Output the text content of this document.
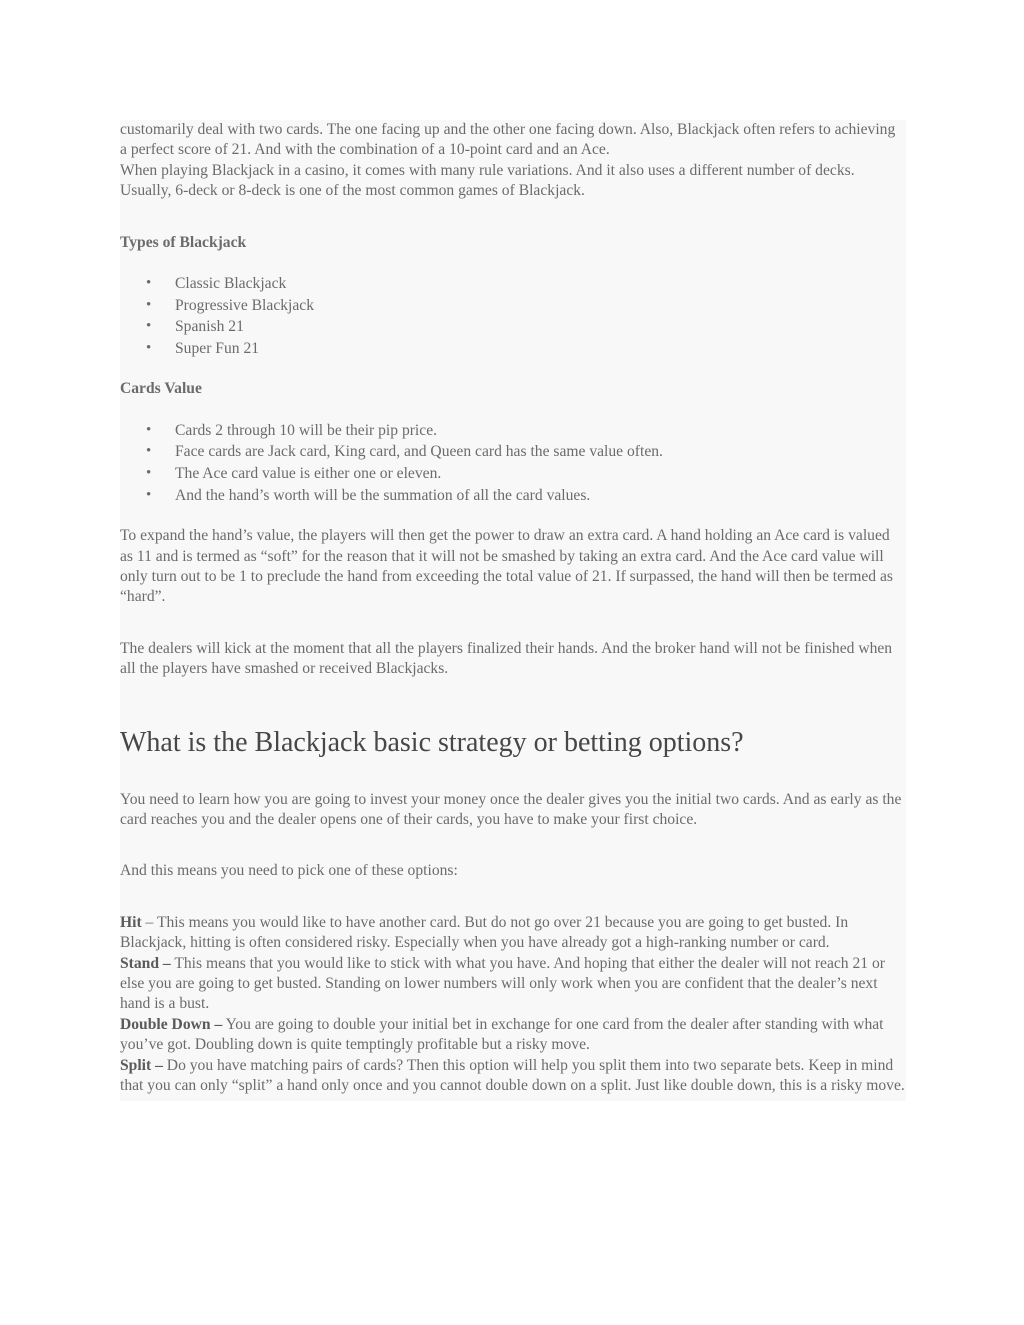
customarily deal with two cards. The one facing up and the other one facing down. Also, Blackjack often refers to achieving a perfect score of 21. And with the combination of a 10-point card and an Ace.

When playing Blackjack in a casino, it comes with many rule variations. And it also uses a different number of decks. Usually, 6-deck or 8-deck is one of the most common games of Blackjack.

Types of Blackjack

• Classic Blackjack
• Progressive Blackjack
• Spanish 21
• Super Fun 21

Cards Value

• Cards 2 through 10 will be their pip price.
• Face cards are Jack card, King card, and Queen card has the same value often.
• The Ace card value is either one or eleven.
• And the hand’s worth will be the summation of all the card values.

To expand the hand’s value, the players will then get the power to draw an extra card. A hand holding an Ace card is valued as 11 and is termed as “soft” for the reason that it will not be smashed by taking an extra card. And the Ace card value will only turn out to be 1 to preclude the hand from exceeding the total value of 21. If surpassed, the hand will then be termed as “hard”.

The dealers will kick at the moment that all the players finalized their hands. And the broker hand will not be finished when all the players have smashed or received Blackjacks.

What is the Blackjack basic strategy or betting options?

You need to learn how you are going to invest your money once the dealer gives you the initial two cards. And as early as the card reaches you and the dealer opens one of their cards, you have to make your first choice.

And this means you need to pick one of these options:

Hit – This means you would like to have another card. But do not go over 21 because you are going to get busted. In Blackjack, hitting is often considered risky. Especially when you have already got a high-ranking number or card.

Stand – This means that you would like to stick with what you have. And hoping that either the dealer will not reach 21 or else you are going to get busted. Standing on lower numbers will only work when you are confident that the dealer’s next hand is a bust.

Double Down – You are going to double your initial bet in exchange for one card from the dealer after standing with what you’ve got. Doubling down is quite temptingly profitable but a risky move.

Split – Do you have matching pairs of cards? Then this option will help you split them into two separate bets. Keep in mind that you can only “split” a hand only once and you cannot double down on a split. Just like double down, this is a risky move.
